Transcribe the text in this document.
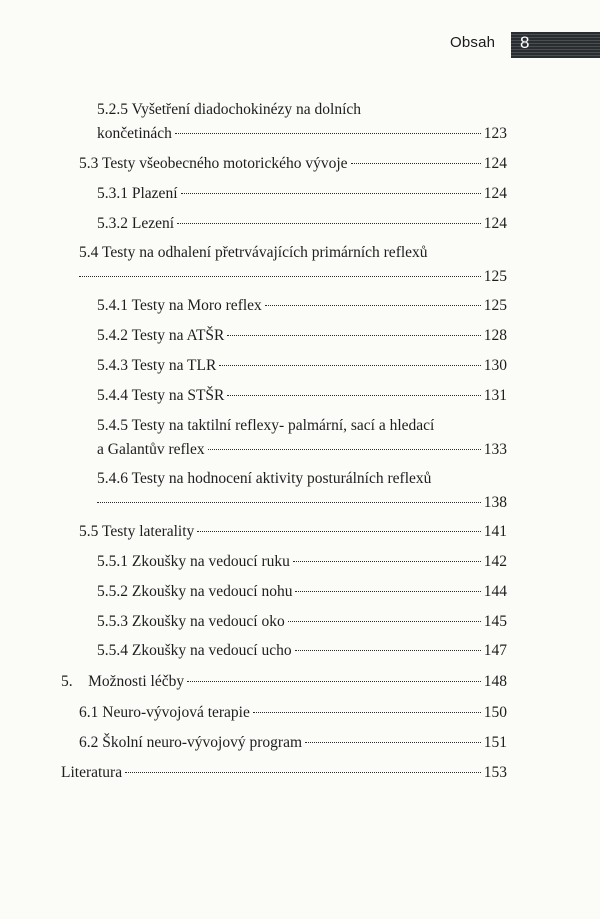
Obsah 8
5.2.5 Vyšetření diadochokinézy na dolních
končetinách	123
5.3 Testy všeobecného motorického vývoje	124
5.3.1 Plazení	124
5.3.2 Lezení	124
5.4 Testy na odhalení přetrvávajících primárních reflexů
125
5.4.1 Testy na Moro reflex	125
5.4.2 Testy na ATŠR	128
5.4.3 Testy na TLR	130
5.4.4 Testy na STŠR	131
5.4.5 Testy na taktilní reflexy- palmární, sací a hledací
a Galantův reflex	133
5.4.6 Testy na hodnocení aktivity posturálních reflexů
138
5.5 Testy laterality	141
5.5.1 Zkoušky na vedoucí ruku	142
5.5.2 Zkoušky na vedoucí nohu	144
5.5.3 Zkoušky na vedoucí oko	145
5.5.4 Zkoušky na vedoucí ucho	147
5.    Možnosti léčby	148
6.1 Neuro-vývojová terapie	150
6.2 Školní neuro-vývojový program	151
Literatura	153
